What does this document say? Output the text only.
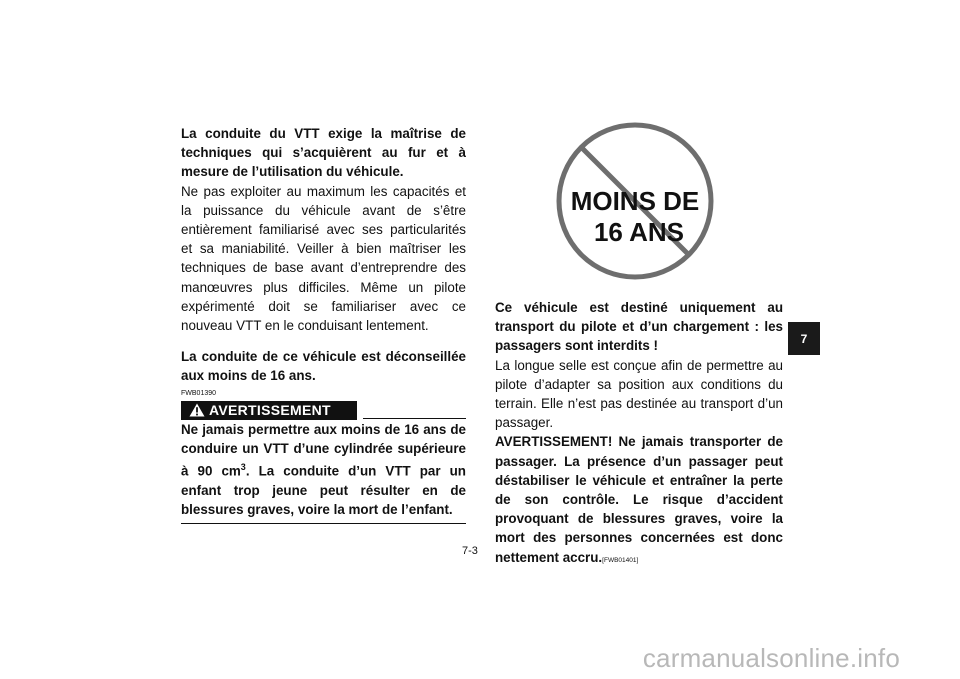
La conduite du VTT exige la maîtrise de techniques qui s’acquièrent au fur et à mesure de l’utilisation du véhicule.

Ne pas exploiter au maximum les capacités et la puissance du véhicule avant de s’être entièrement familiarisé avec ses particularités et sa maniabilité. Veiller à bien maîtriser les techniques de base avant d’entreprendre des manœuvres plus difficiles. Même un pilote expérimenté doit se familiariser avec ce nouveau VTT en le conduisant lentement.

La conduite de ce véhicule est déconseillée aux moins de 16 ans.

FWB01390
AVERTISSEMENT

Ne jamais permettre aux moins de 16 ans de conduire un VTT d’une cylindrée supérieure à 90 $cm^3$. La conduite d’un VTT par un enfant trop jeune peut résulter en de blessures graves, voire la mort de l’enfant.

MOINS DE
16 ANS

Ce véhicule est destiné uniquement au transport du pilote et d’un chargement : les passagers sont interdits !

La longue selle est conçue afin de permettre au pilote d’adapter sa position aux conditions du terrain. Elle n’est pas destinée au transport d’un passager.

AVERTISSEMENT! Ne jamais transporter de passager. La présence d’un passager peut déstabiliser le véhicule et entraîner la perte de son contrôle. Le risque d’accident provoquant de blessures graves, voire la mort des personnes concernées est donc nettement accru.[FWB01401]

7
7-3
carmanualsonline.info
